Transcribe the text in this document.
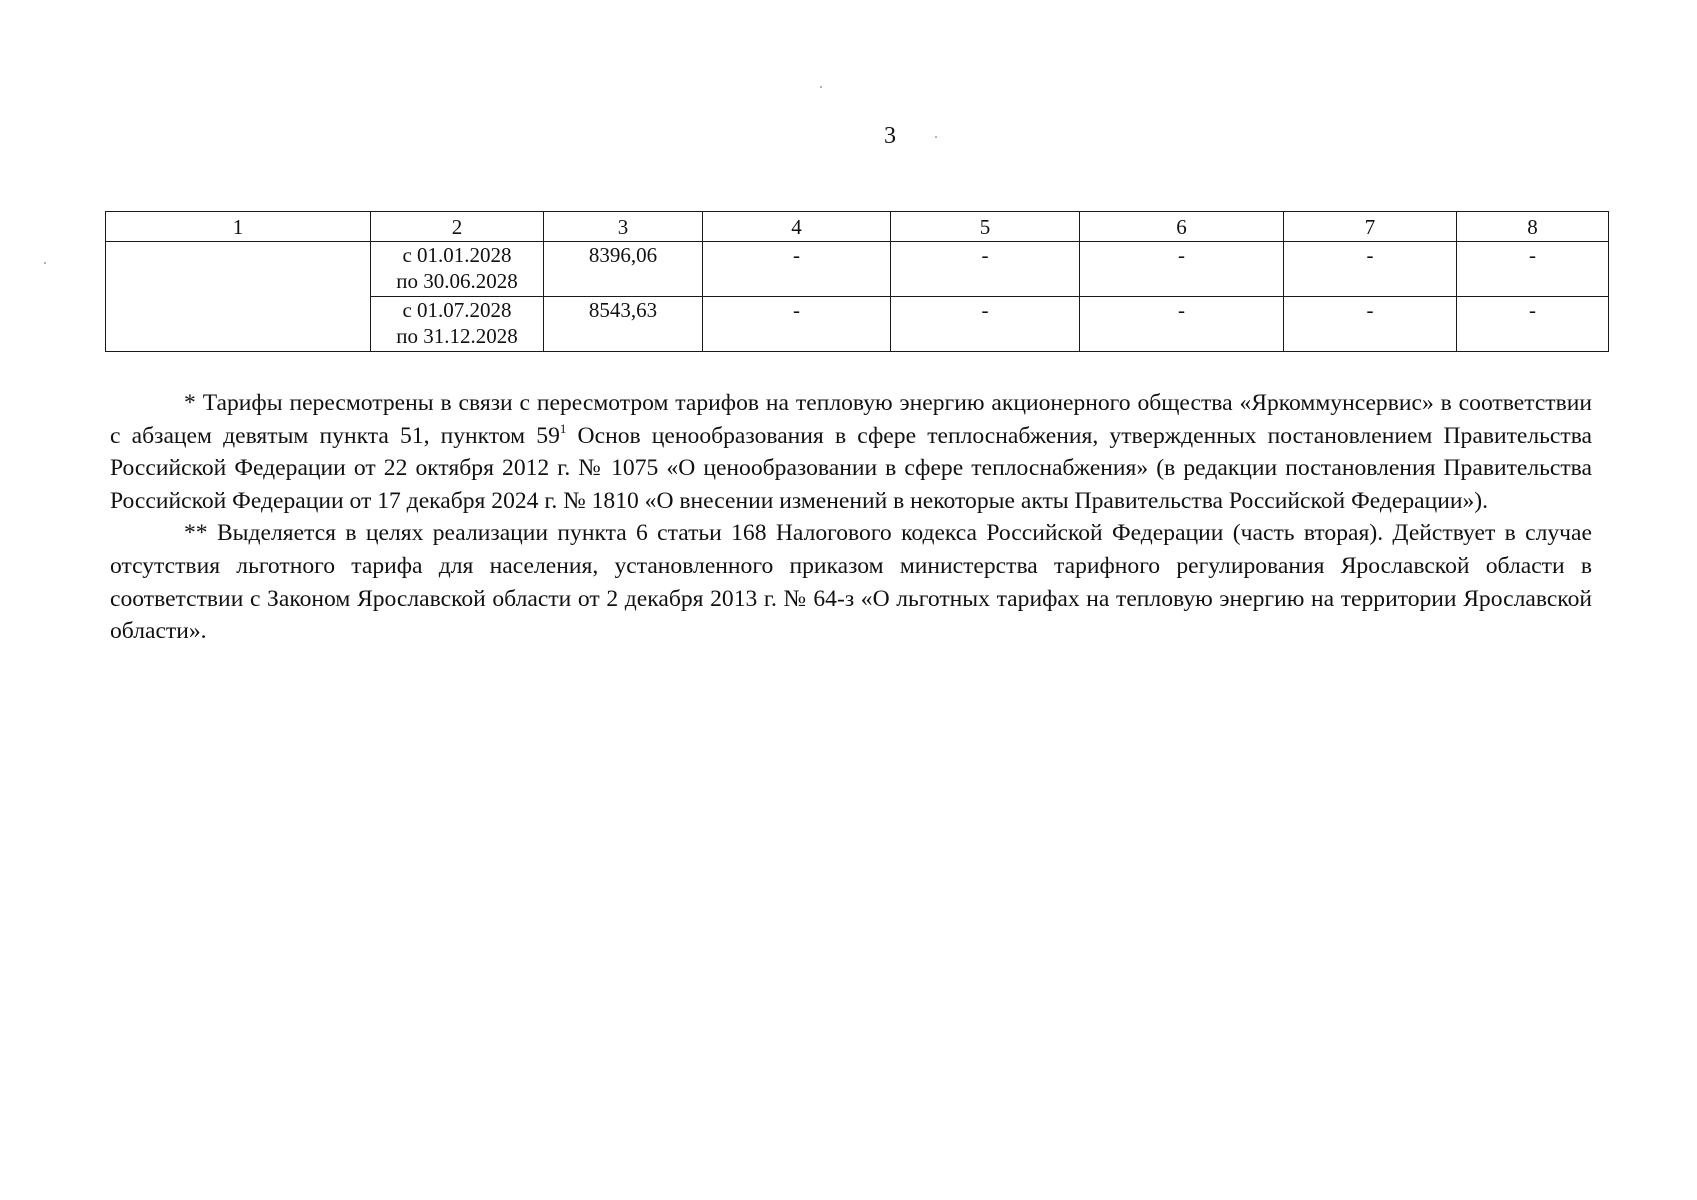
3
1	2	3	4	5	6	7	8

	с 01.01.2028
по 30.06.2028	8396,06	-	-	-	-	-

	с 01.07.2028
по 31.12.2028	8543,63	-	-	-	-	-

* Тарифы пересмотрены в связи с пересмотром тарифов на тепловую энергию акционерного общества «Яркоммунсервис» в соответствии с абзацем девятым пункта 51, пунктом $59^1$ Основ ценообразования в сфере теплоснабжения, утвержденных постановлением Правительства Российской Федерации от 22 октября 2012 г. № 1075 «О ценообразовании в сфере теплоснабжения» (в редакции постановления Правительства Российской Федерации от 17 декабря 2024 г. № 1810 «О внесении изменений в некоторые акты Правительства Российской Федерации»).

** Выделяется в целях реализации пункта 6 статьи 168 Налогового кодекса Российской Федерации (часть вторая). Действует в случае отсутствия льготного тарифа для населения, установленного приказом министерства тарифного регулирования Ярославской области в соответствии с Законом Ярославской области от 2 декабря 2013 г. № 64-з «О льготных тарифах на тепловую энергию на территории Ярославской области».
